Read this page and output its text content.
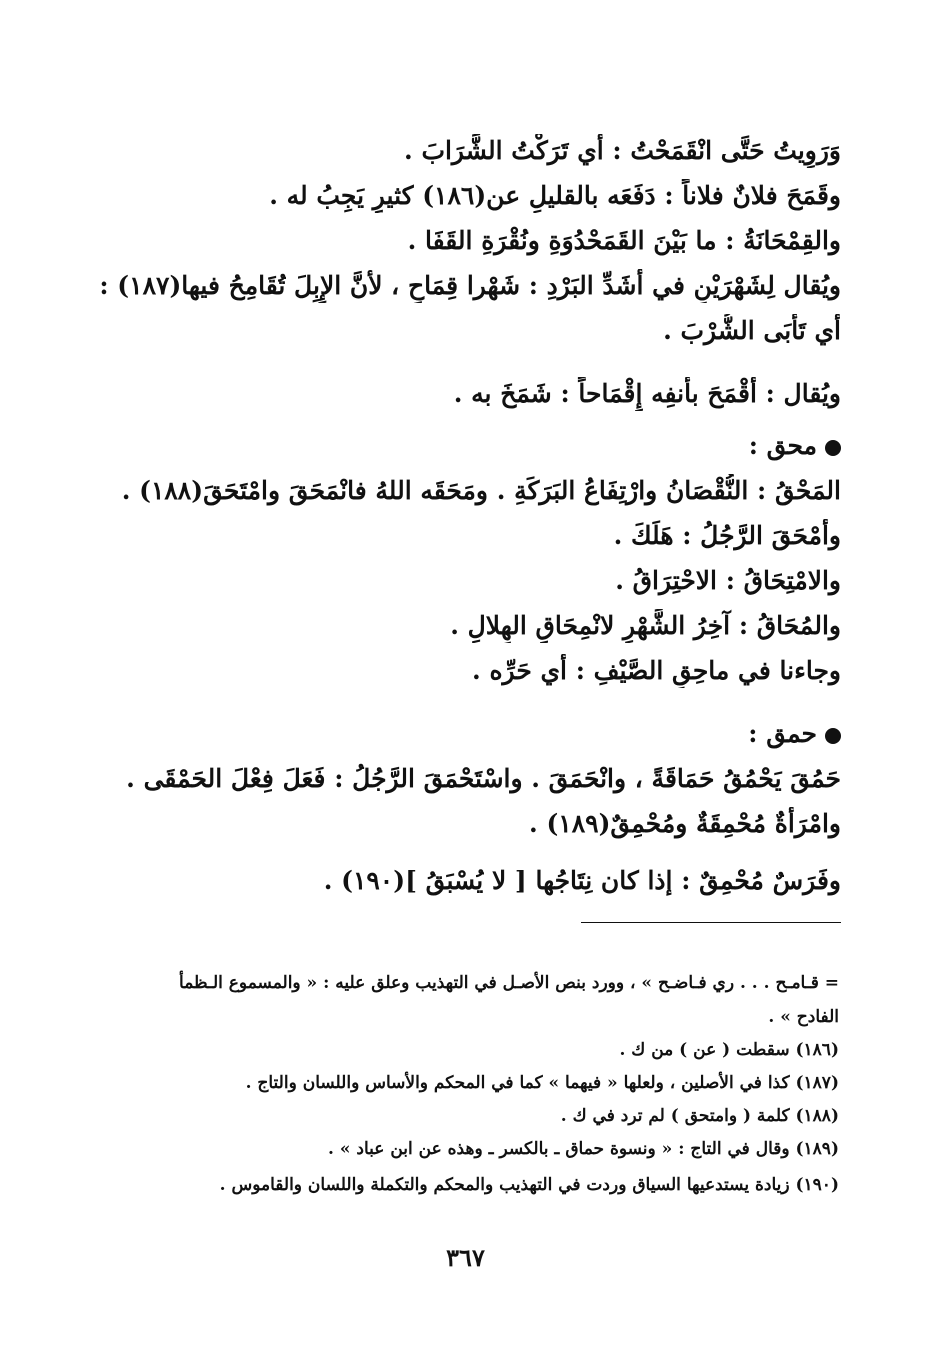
وَرَوِيتُ حَتَّى انْقَمَحْتُ : أي تَرَكْتُ الشَّرَابَ .
وقَمَحَ فلانٌ فلاناً : دَفَعَه بالقليلِ عن(١٨٦) كثيرٍ يَجِبُ له .
والقِمْحَانَةُ : ما بَيْنَ القَمَحْدُوَةِ ونُقْرَةِ القَفَا .
ويُقال لِشَهْرَيْنِ في أَشَدِّ البَرْدِ : شَهْرا قِمَاحٍ ، لأنَّ الإِبِلَ تُقَامِحُ فيها(١٨٧) :
أي تَأْبَى الشُّرْبَ .
ويُقال : أَقْمَحَ بأنفِه إِقْمَاحاً : شَمَخَ به .
محق :
المَحْقُ : النُّقْصَانُ وارْتِفَاعُ البَرَكَةِ . ومَحَقَه اللهُ فانْمَحَقَ وامْتَحَقَ(١٨٨) .
وأَمْحَقَ الرَّجُلُ : هَلَكَ .
والامْتِحَاقُ : الاحْتِرَاقُ .
والمُحَاقُ : آخِرُ الشَّهْرِ لانْمِحَاقِ الهِلالِ .
وجاءنا في ماحِقِ الصَّيْفِ : أي حَرِّه .
حمق :
حَمُقَ يَحْمُقُ حَمَاقَةً ، وانْحَمَقَ . واسْتَحْمَقَ الرَّجُلُ : فَعَلَ فِعْلَ الحَمْقَى .
وامْرَأَةٌ مُحْمِقَةٌ ومُحْمِقٌ(١٨٩) .
وفَرَسٌ مُحْمِقٌ : إذا كان نِتَاجُها [ لا يُسْبَقُ ](١٩٠) .
= قـامـح . . . ري فـاضـح » ، وورد بنص الأصـل في التهذيب وعلق عليه : « والمسموع الـظمأ
الفادح » .
(١٨٦) سقطت ( عن ) من ك .
(١٨٧) كذا في الأصلين ، ولعلها « فيهما » كما في المحكم والأساس واللسان والتاج .
(١٨٨) كلمة ( وامتحق ) لم ترد في ك .
(١٨٩) وقال في التاج : « ونسوة حماق ـ بالكسر ـ وهذه عن ابن عباد » .
(١٩٠) زيادة يستدعيها السياق وردت في التهذيب والمحكم والتكملة واللسان والقاموس .
٣٦٧
